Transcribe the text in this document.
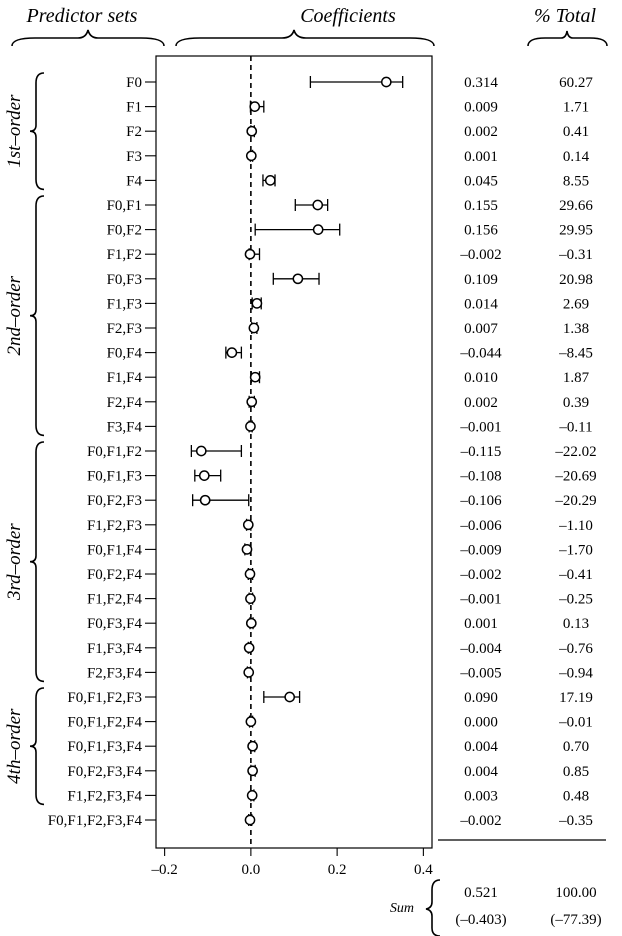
Predictor sets	Coefficients	% Total
F0	0.314	60.27
F1	0.009	1.71
F2	0.002	0.41
F3	0.001	0.14
F4	0.045	8.55
F0,F1	0.155	29.66
F0,F2	0.156	29.95
F1,F2	–0.002	–0.31
F0,F3	0.109	20.98
F1,F3	0.014	2.69
F2,F3	0.007	1.38
F0,F4	–0.044	–8.45
F1,F4	0.010	1.87
F2,F4	0.002	0.39
F3,F4	–0.001	–0.11
F0,F1,F2	–0.115	–22.02
F0,F1,F3	–0.108	–20.69
F0,F2,F3	–0.106	–20.29
F1,F2,F3	–0.006	–1.10
F0,F1,F4	–0.009	–1.70
F0,F2,F4	–0.002	–0.41
F1,F2,F4	–0.001	–0.25
F0,F3,F4	0.001	0.13
F1,F3,F4	–0.004	–0.76
F2,F3,F4	–0.005	–0.94
F0,F1,F2,F3	0.090	17.19
F0,F1,F2,F4	0.000	–0.01
F0,F1,F3,F4	0.004	0.70
F0,F2,F3,F4	0.004	0.85
F1,F2,F3,F4	0.003	0.48
F0,F1,F2,F3,F4	–0.002	–0.35
1st–order
2nd–order
3rd–order
4th–order
–0.2	0.0	0.2	0.4
Sum
0.521	100.00
(–0.403)	(–77.39)
